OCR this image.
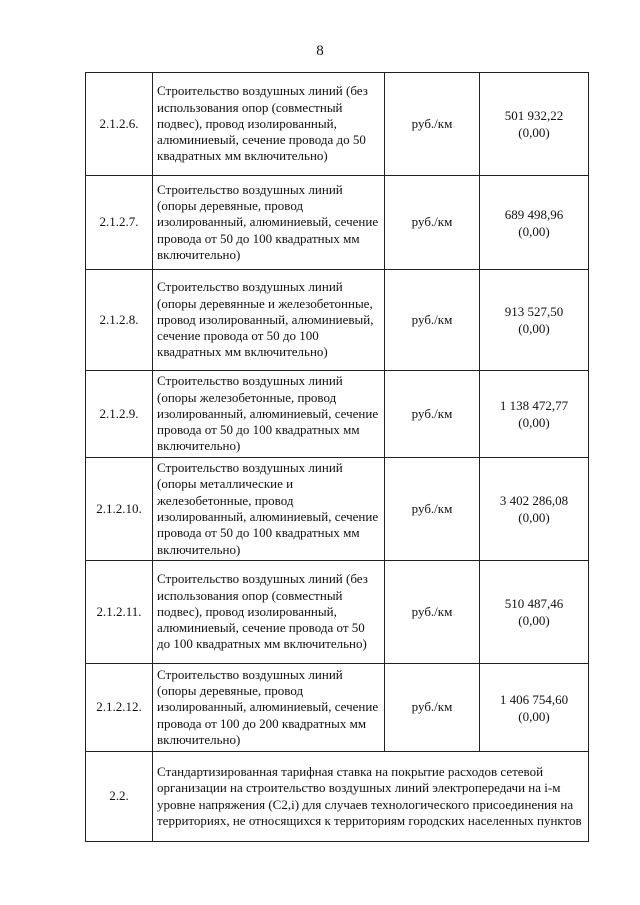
8
2.1.2.6.	Строительство воздушных линий (без использования опор (совместный подвес), провод изолированный, алюминиевый, сечение провода до 50 квадратных мм включительно)	руб./км	501 932,22
(0,00)

2.1.2.7.	Строительство воздушных линий (опоры деревяные, провод изолированный, алюминиевый, сечение провода от 50 до 100 квадратных мм включительно)	руб./км	689 498,96
(0,00)

2.1.2.8.	Строительство воздушных линий (опоры деревянные и железобетонные, провод изолированный, алюминиевый, сечение провода от 50 до 100 квадратных мм включительно)	руб./км	913 527,50
(0,00)

2.1.2.9.	Строительство воздушных линий (опоры железобетонные, провод изолированный, алюминиевый, сечение провода от 50 до 100 квадратных мм включительно)	руб./км	1 138 472,77
(0,00)

2.1.2.10.	Строительство воздушных линий (опоры металлические и железобетонные, провод изолированный, алюминиевый, сечение провода от 50 до 100 квадратных мм включительно)	руб./км	3 402 286,08
(0,00)

2.1.2.11.	Строительство воздушных линий (без использования опор (совместный подвес), провод изолированный, алюминиевый, сечение провода от 50 до 100 квадратных мм включительно)	руб./км	510 487,46
(0,00)

2.1.2.12.	Строительство воздушных линий (опоры деревяные, провод изолированный, алюминиевый, сечение провода от 100 до 200 квадратных мм включительно)	руб./км	1 406 754,60
(0,00)

2.2.	Стандартизированная тарифная ставка на покрытие расходов сетевой организации на строительство воздушных линий электропередачи на i-м уровне напряжения (С2,i) для случаев технологического присоединения на территориях, не относящихся к территориям городских населенных пунктов		
